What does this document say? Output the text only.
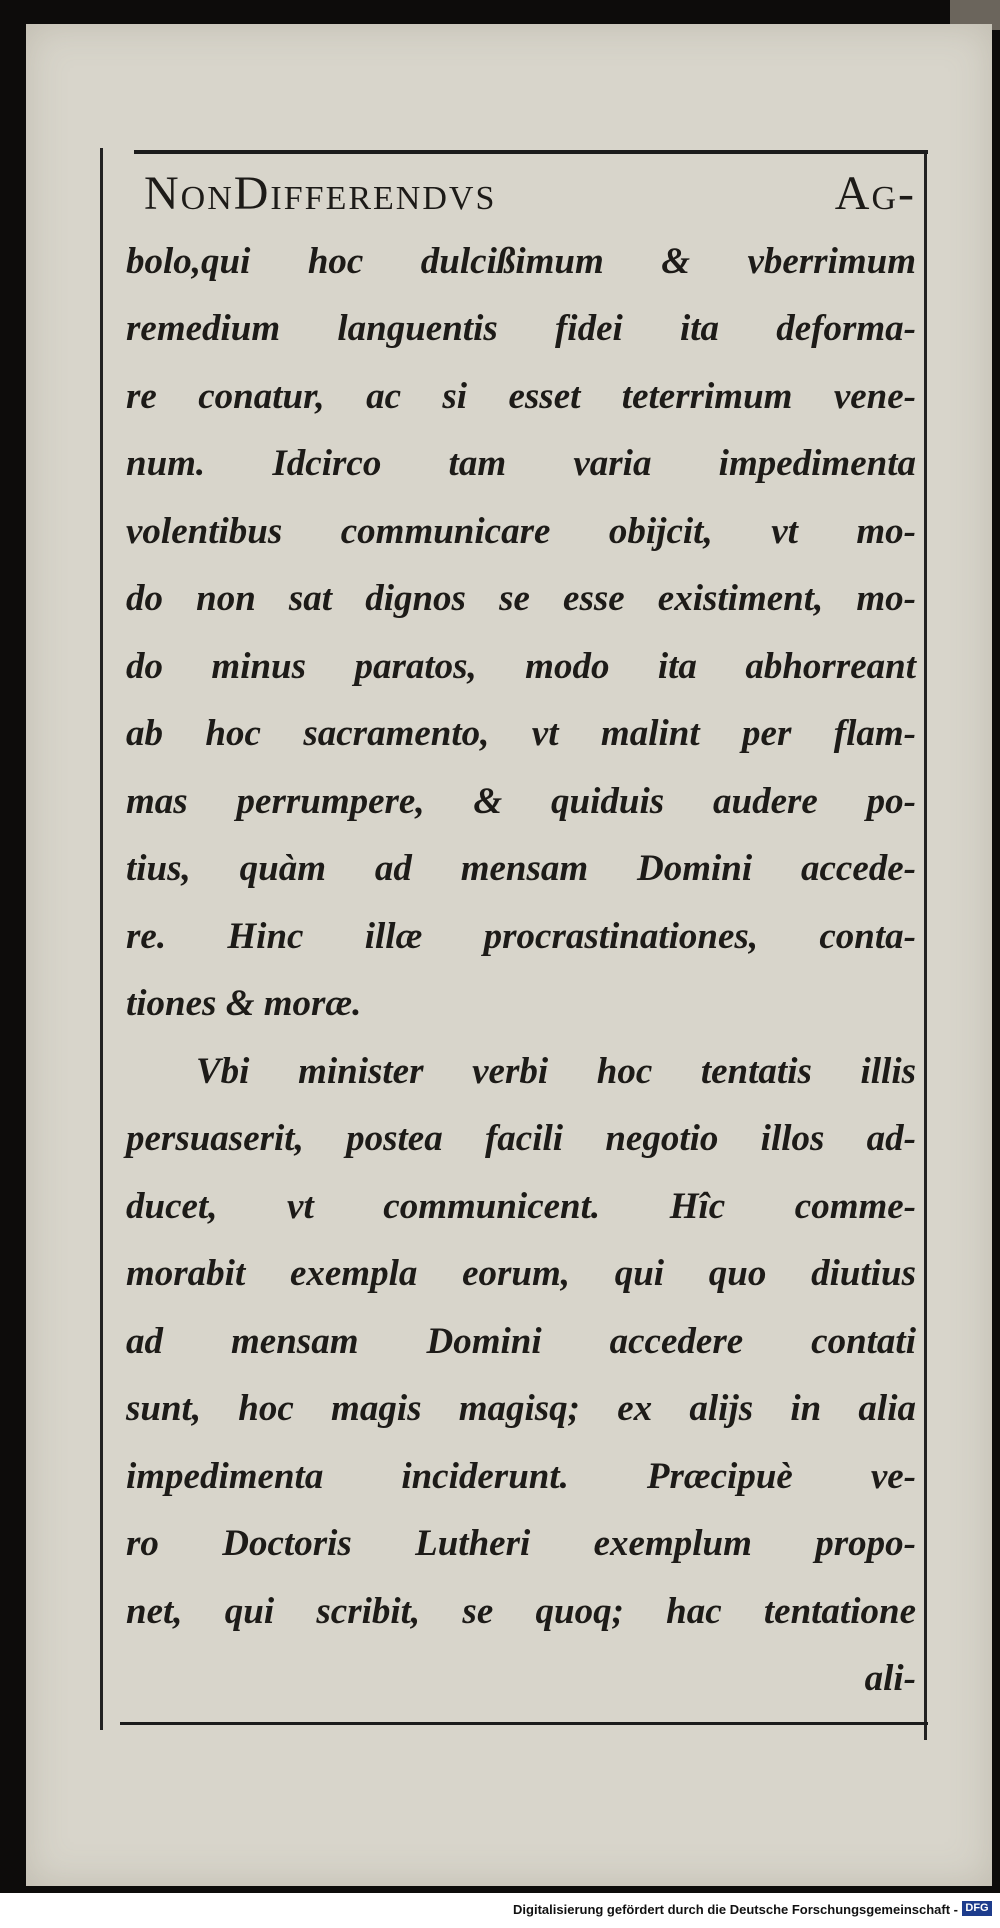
NonDifferendvs Ag-
bolo,qui hoc dulcißimum & vberrimum
remedium languentis fidei ita deforma-
re conatur, ac si esset teterrimum vene-
num. Idcirco tam varia impedimenta
volentibus communicare obijcit, vt mo-
do non sat dignos se esse existiment, mo-
do minus paratos, modo ita abhorreant
ab hoc sacramento, vt malint per flam-
mas perrumpere, & quiduis audere po-
tius, quàm ad mensam Domini accede-
re. Hinc illæ procrastinationes, conta-
tiones & moræ.
Vbi minister verbi hoc tentatis illis
persuaserit, postea facili negotio illos ad-
ducet, vt communicent. Hîc comme-
morabit exempla eorum, qui quo diutius
ad mensam Domini accedere contati
sunt, hoc magis magisq; ex alijs in alia
impedimenta inciderunt. Præcipuè ve-
ro Doctoris Lutheri exemplum propo-
net, qui scribit, se quoq; hac tentatione
ali-
Digitalisierung gefördert durch die Deutsche Forschungsgemeinschaft - DFG
